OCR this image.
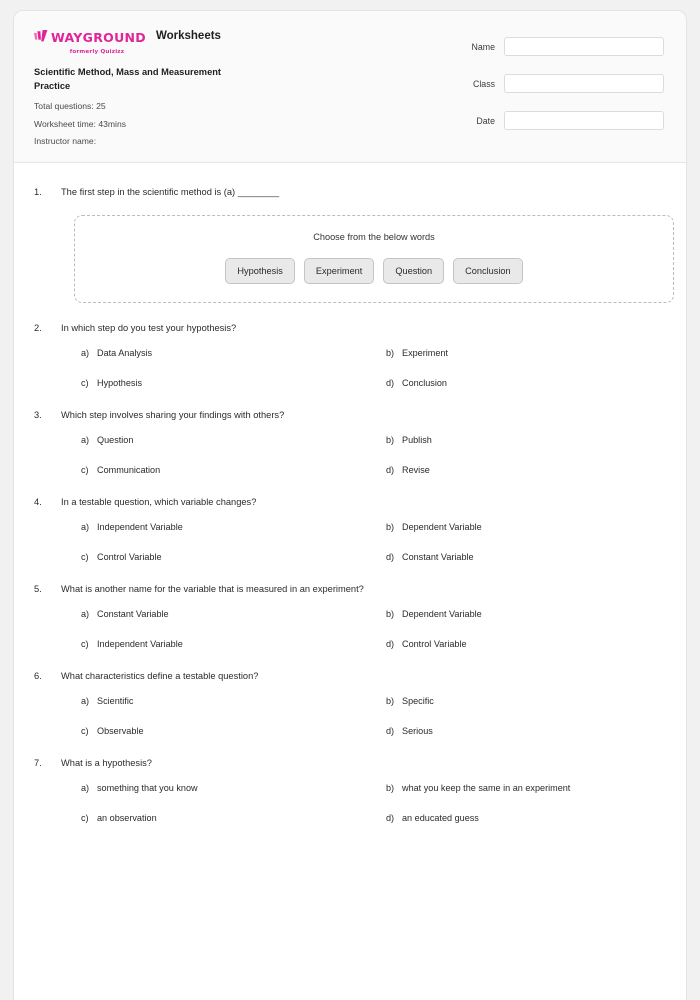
WAYGROUND
formerly Quizizz
Worksheets
Scientific Method, Mass and Measurement Practice
Total questions: 25
Worksheet time: 43mins
Instructor name:
Name
Class
Date
1.	The first step in the scientific method is (a) ________
Choose from the below words
Hypothesis	Experiment	Question	Conclusion
2.	In which step do you test your hypothesis?
a) Data Analysis	b) Experiment
c) Hypothesis	d) Conclusion
3.	Which step involves sharing your findings with others?
a) Question	b) Publish
c) Communication	d) Revise
4.	In a testable question, which variable changes?
a) Independent Variable	b) Dependent Variable
c) Control Variable	d) Constant Variable
5.	What is another name for the variable that is measured in an experiment?
a) Constant Variable	b) Dependent Variable
c) Independent Variable	d) Control Variable
6.	What characteristics define a testable question?
a) Scientific	b) Specific
c) Observable	d) Serious
7.	What is a hypothesis?
a) something that you know	b) what you keep the same in an experiment
c) an observation	d) an educated guess
